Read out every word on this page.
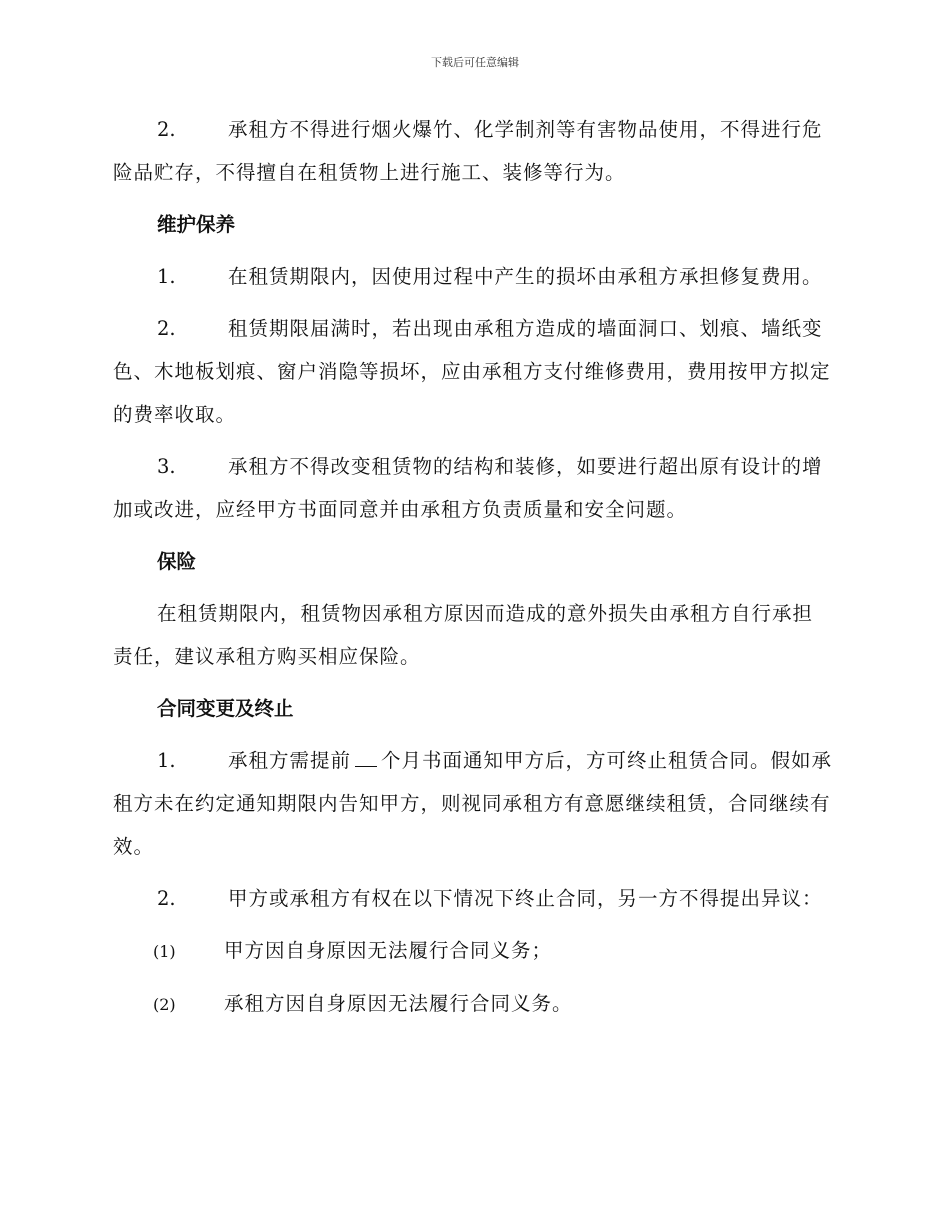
下载后可任意编辑

2.	承租方不得进行烟火爆竹、化学制剂等有害物品使用，不得进行危险品贮存，不得擅自在租赁物上进行施工、装修等行为。

维护保养

1.	在租赁期限内，因使用过程中产生的损坏由承租方承担修复费用。

2.	租赁期限届满时，若出现由承租方造成的墙面洞口、划痕、墙纸变色、木地板划痕、窗户消隐等损坏，应由承租方支付维修费用，费用按甲方拟定的费率收取。

3.	承租方不得改变租赁物的结构和装修，如要进行超出原有设计的增加或改进，应经甲方书面同意并由承租方负责质量和安全问题。

保险

在租赁期限内，租赁物因承租方原因而造成的意外损失由承租方自行承担责任，建议承租方购买相应保险。

合同变更及终止

1.	承租方需提前 个月书面通知甲方后，方可终止租赁合同。假如承租方未在约定通知期限内告知甲方，则视同承租方有意愿继续租赁，合同继续有效。

2.	甲方或承租方有权在以下情况下终止合同，另一方不得提出异议：

(1) 甲方因自身原因无法履行合同义务；

(2) 承租方因自身原因无法履行合同义务。
